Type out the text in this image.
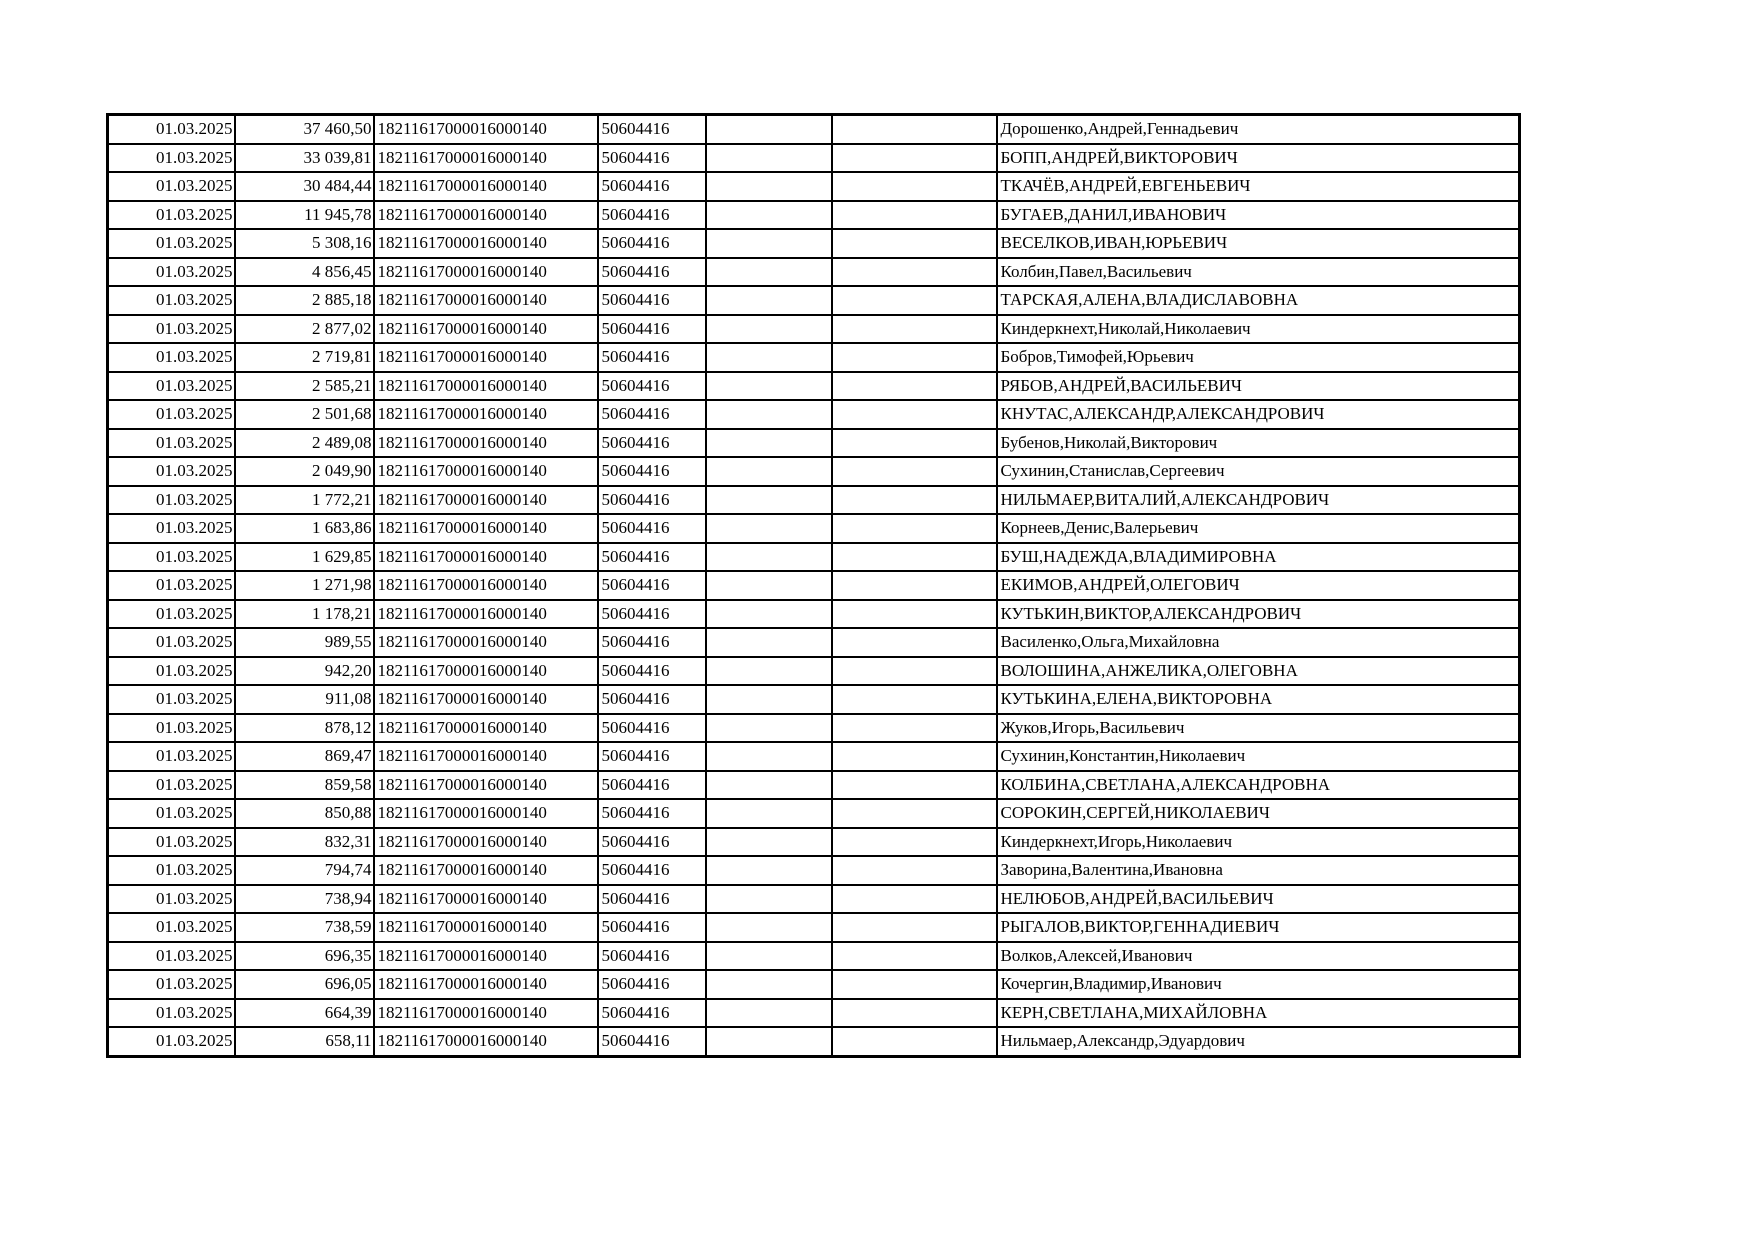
01.03.2025	37 460,50	18211617000016000140	50604416			Дорошенко,Андрей,Геннадьевич
01.03.2025	33 039,81	18211617000016000140	50604416			БОПП,АНДРЕЙ,ВИКТОРОВИЧ
01.03.2025	30 484,44	18211617000016000140	50604416			ТКАЧЁВ,АНДРЕЙ,ЕВГЕНЬЕВИЧ
01.03.2025	11 945,78	18211617000016000140	50604416			БУГАЕВ,ДАНИЛ,ИВАНОВИЧ
01.03.2025	5 308,16	18211617000016000140	50604416			ВЕСЕЛКОВ,ИВАН,ЮРЬЕВИЧ
01.03.2025	4 856,45	18211617000016000140	50604416			Колбин,Павел,Васильевич
01.03.2025	2 885,18	18211617000016000140	50604416			ТАРСКАЯ,АЛЕНА,ВЛАДИСЛАВОВНА
01.03.2025	2 877,02	18211617000016000140	50604416			Киндеркнехт,Николай,Николаевич
01.03.2025	2 719,81	18211617000016000140	50604416			Бобров,Тимофей,Юрьевич
01.03.2025	2 585,21	18211617000016000140	50604416			РЯБОВ,АНДРЕЙ,ВАСИЛЬЕВИЧ
01.03.2025	2 501,68	18211617000016000140	50604416			КНУТАС,АЛЕКСАНДР,АЛЕКСАНДРОВИЧ
01.03.2025	2 489,08	18211617000016000140	50604416			Бубенов,Николай,Викторович
01.03.2025	2 049,90	18211617000016000140	50604416			Сухинин,Станислав,Сергеевич
01.03.2025	1 772,21	18211617000016000140	50604416			НИЛЬМАЕР,ВИТАЛИЙ,АЛЕКСАНДРОВИЧ
01.03.2025	1 683,86	18211617000016000140	50604416			Корнеев,Денис,Валерьевич
01.03.2025	1 629,85	18211617000016000140	50604416			БУШ,НАДЕЖДА,ВЛАДИМИРОВНА
01.03.2025	1 271,98	18211617000016000140	50604416			ЕКИМОВ,АНДРЕЙ,ОЛЕГОВИЧ
01.03.2025	1 178,21	18211617000016000140	50604416			КУТЬКИН,ВИКТОР,АЛЕКСАНДРОВИЧ
01.03.2025	989,55	18211617000016000140	50604416			Василенко,Ольга,Михайловна
01.03.2025	942,20	18211617000016000140	50604416			ВОЛОШИНА,АНЖЕЛИКА,ОЛЕГОВНА
01.03.2025	911,08	18211617000016000140	50604416			КУТЬКИНА,ЕЛЕНА,ВИКТОРОВНА
01.03.2025	878,12	18211617000016000140	50604416			Жуков,Игорь,Васильевич
01.03.2025	869,47	18211617000016000140	50604416			Сухинин,Константин,Николаевич
01.03.2025	859,58	18211617000016000140	50604416			КОЛБИНА,СВЕТЛАНА,АЛЕКСАНДРОВНА
01.03.2025	850,88	18211617000016000140	50604416			СОРОКИН,СЕРГЕЙ,НИКОЛАЕВИЧ
01.03.2025	832,31	18211617000016000140	50604416			Киндеркнехт,Игорь,Николаевич
01.03.2025	794,74	18211617000016000140	50604416			Заворина,Валентина,Ивановна
01.03.2025	738,94	18211617000016000140	50604416			НЕЛЮБОВ,АНДРЕЙ,ВАСИЛЬЕВИЧ
01.03.2025	738,59	18211617000016000140	50604416			РЫГАЛОВ,ВИКТОР,ГЕННАДИЕВИЧ
01.03.2025	696,35	18211617000016000140	50604416			Волков,Алексей,Иванович
01.03.2025	696,05	18211617000016000140	50604416			Кочергин,Владимир,Иванович
01.03.2025	664,39	18211617000016000140	50604416			КЕРН,СВЕТЛАНА,МИХАЙЛОВНА
01.03.2025	658,11	18211617000016000140	50604416			Нильмаер,Александр,Эдуардович
